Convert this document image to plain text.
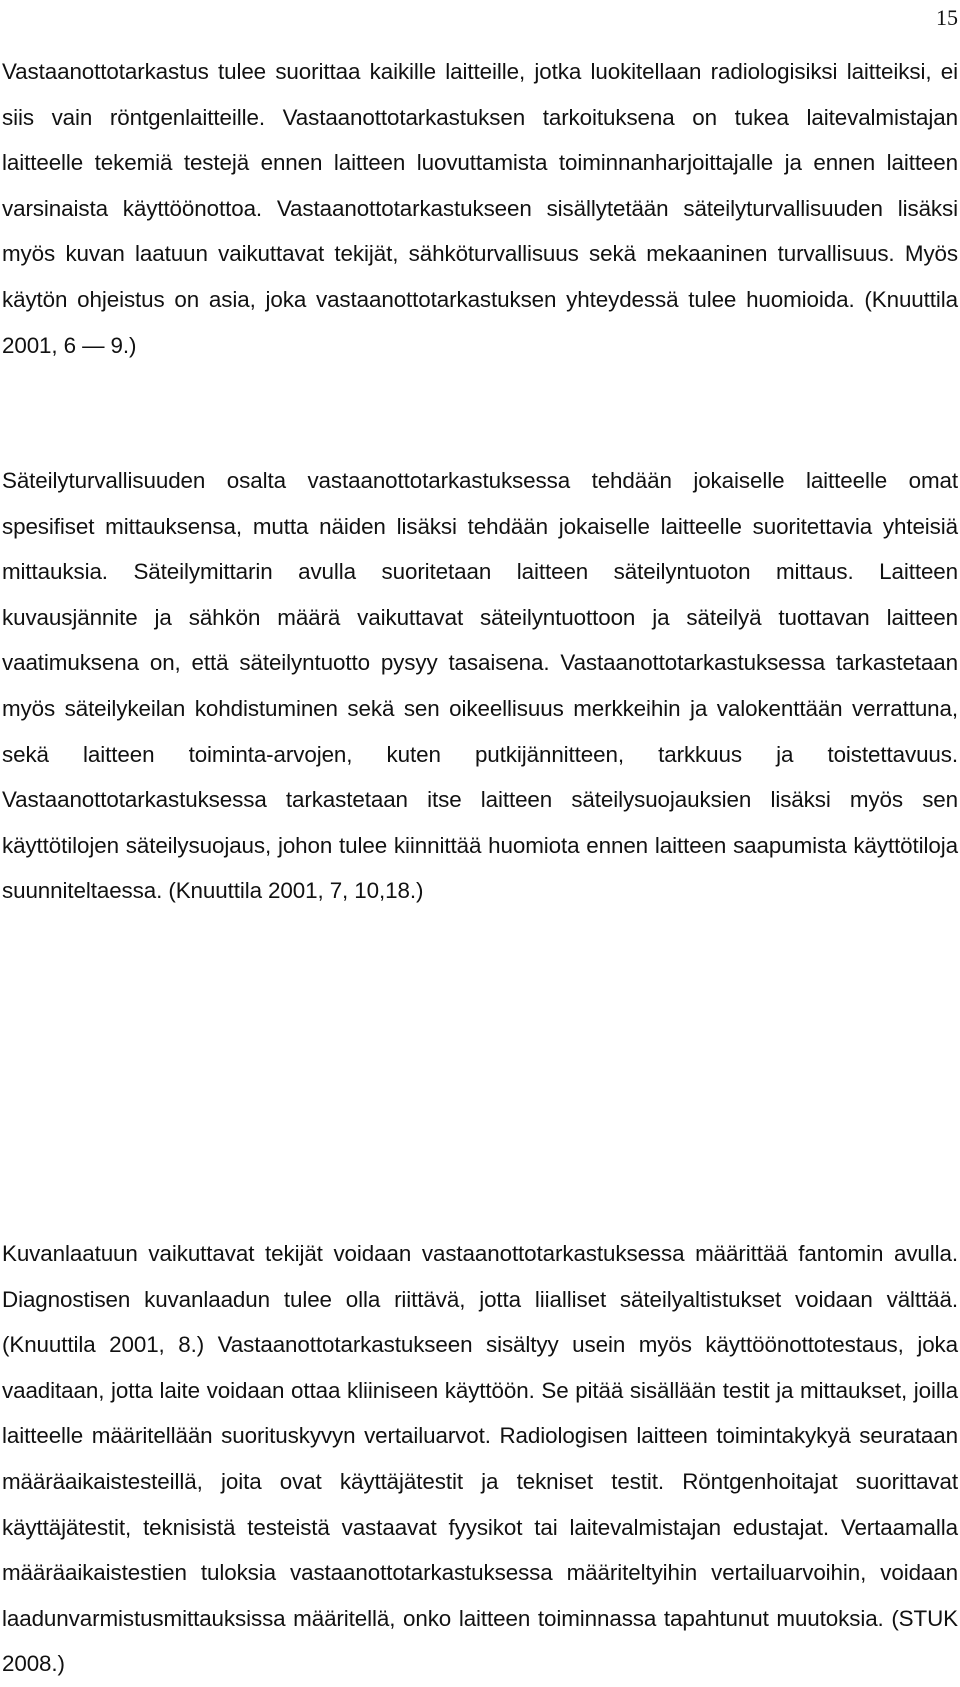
15

Vastaanottotarkastus tulee suorittaa kaikille laitteille, jotka luokitellaan radiologisiksi laitteiksi, ei siis vain röntgenlaitteille. Vastaanottotarkastuksen tarkoituksena on tukea laitevalmistajan laitteelle tekemiä testejä ennen laitteen luovuttamista toiminnanharjoittajalle ja ennen laitteen varsinaista käyttöönottoa. Vastaanottotarkastukseen sisällytetään säteilyturvallisuuden lisäksi myös kuvan laatuun vaikuttavat tekijät, sähköturvallisuus sekä mekaaninen turvallisuus. Myös käytön ohjeistus on asia, joka vastaanottotarkastuksen yhteydessä tulee huomioida. (Knuuttila 2001, 6 — 9.)

Säteilyturvallisuuden osalta vastaanottotarkastuksessa tehdään jokaiselle laitteelle omat spesifiset mittauksensa, mutta näiden lisäksi tehdään jokaiselle laitteelle suoritettavia yhteisiä mittauksia. Säteilymittarin avulla suoritetaan laitteen säteilyntuoton mittaus. Laitteen kuvausjännite ja sähkön määrä vaikuttavat säteilyntuottoon ja säteilyä tuottavan laitteen vaatimuksena on, että säteilyntuotto pysyy tasaisena. Vastaanottotarkastuksessa tarkastetaan myös säteilykeilan kohdistuminen sekä sen oikeellisuus merkkeihin ja valokenttään verrattuna, sekä laitteen toiminta-arvojen, kuten putkijännitteen, tarkkuus ja toistettavuus. Vastaanottotarkastuksessa tarkastetaan itse laitteen säteilysuojauksien lisäksi myös sen käyttötilojen säteilysuojaus, johon tulee kiinnittää huomiota ennen laitteen saapumista käyttötiloja suunniteltaessa. (Knuuttila 2001, 7, 10,18.)

Kuvanlaatuun vaikuttavat tekijät voidaan vastaanottotarkastuksessa määrittää fantomin avulla. Diagnostisen kuvanlaadun tulee olla riittävä, jotta liialliset säteilyaltistukset voidaan välttää. (Knuuttila 2001, 8.) Vastaanottotarkastukseen sisältyy usein myös käyttöönottotestaus, joka vaaditaan, jotta laite voidaan ottaa kliiniseen käyttöön. Se pitää sisällään testit ja mittaukset, joilla laitteelle määritellään suorituskyvyn vertailuarvot. Radiologisen laitteen toimintakykyä seurataan määräaikaistesteillä, joita ovat käyttäjätestit ja tekniset testit. Röntgenhoitajat suorittavat käyttäjätestit, teknisistä testeistä vastaavat fyysikot tai laitevalmistajan edustajat. Vertaamalla määräaikaistestien tuloksia vastaanottotarkastuksessa määriteltyihin vertailuarvoihin, voidaan laadunvarmistusmittauksissa määritellä, onko laitteen toiminnassa tapahtunut muutoksia. (STUK 2008.)
